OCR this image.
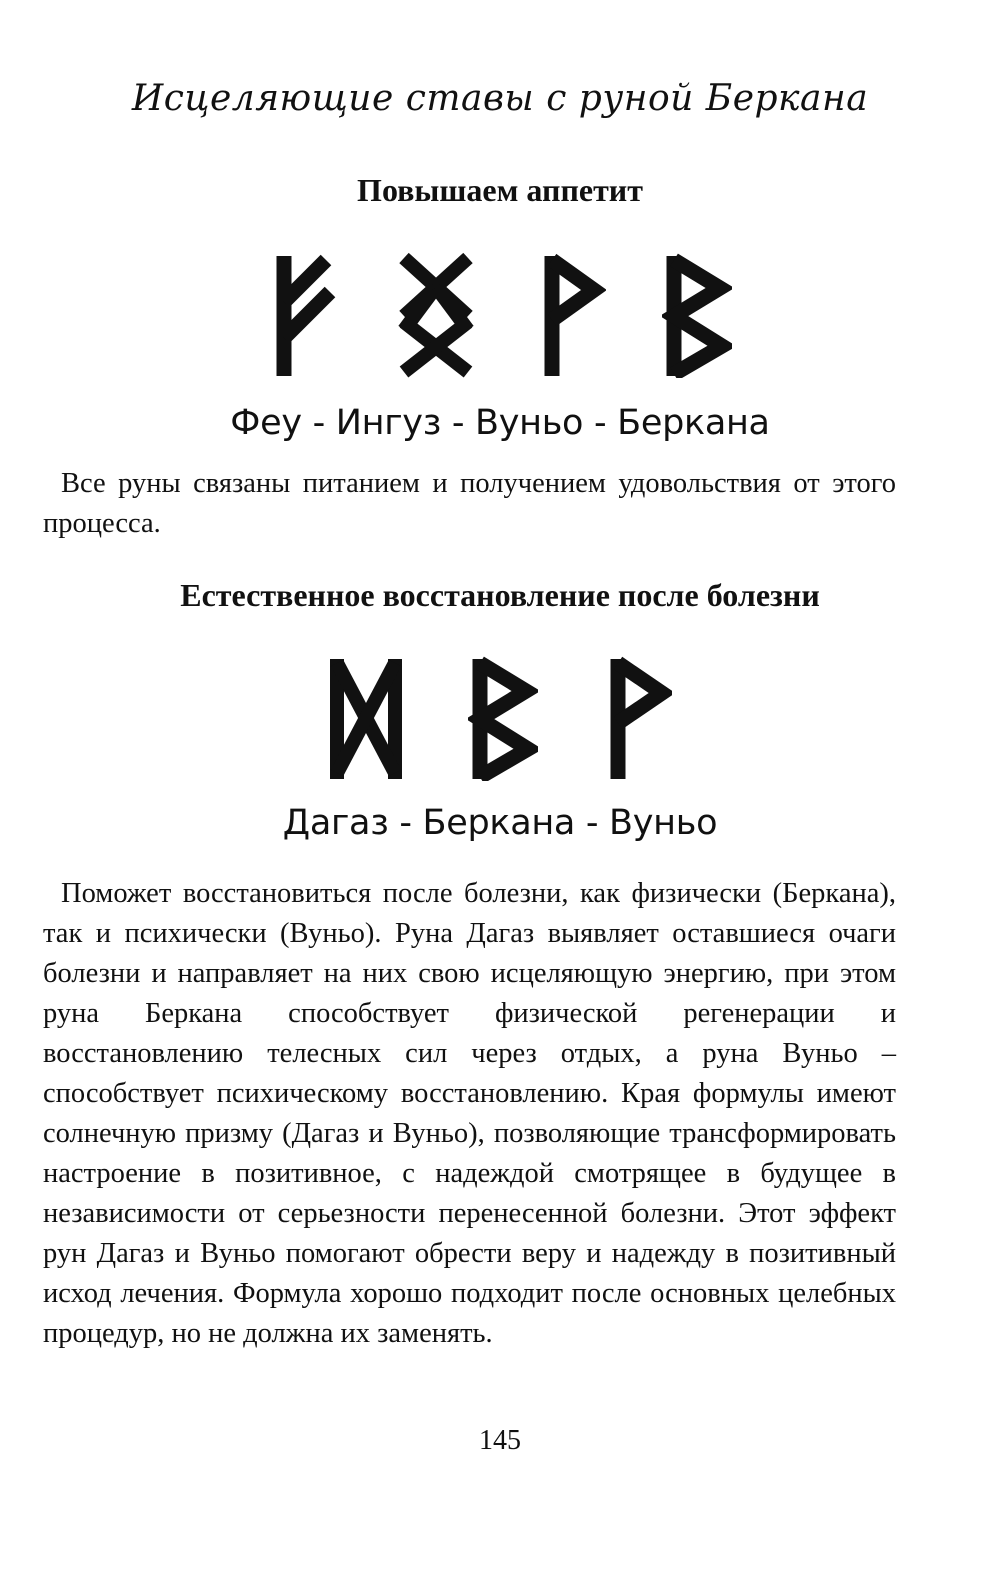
Исцеляющие ставы с руной Беркана
Повышаем аппетит
Феу - Ингуз - Вуньо - Беркана

Все руны связаны питанием и получением удовольствия от этого процесса.

Естественное восстановление после болезни
Дагаз - Беркана - Вуньо

Поможет восстановиться после болезни, как физически (Беркана), так и психически (Вуньо). Руна Дагаз выявляет оставшиеся очаги болезни и направляет на них свою исцеляющую энергию, при этом руна Беркана способствует физической регенерации и восстановлению телесных сил через отдых, а руна Вуньо – способствует психическому восстановлению. Края формулы имеют солнечную призму (Дагаз и Вуньо), позволяющие трансформировать настроение в позитивное, с надеждой смотрящее в будущее в независимости от серьезности перенесенной болезни. Этот эффект рун Дагаз и Вуньо помогают обрести веру и надежду в позитивный исход лечения. Формула хорошо подходит после основных целебных процедур, но не должна их заменять.

145
